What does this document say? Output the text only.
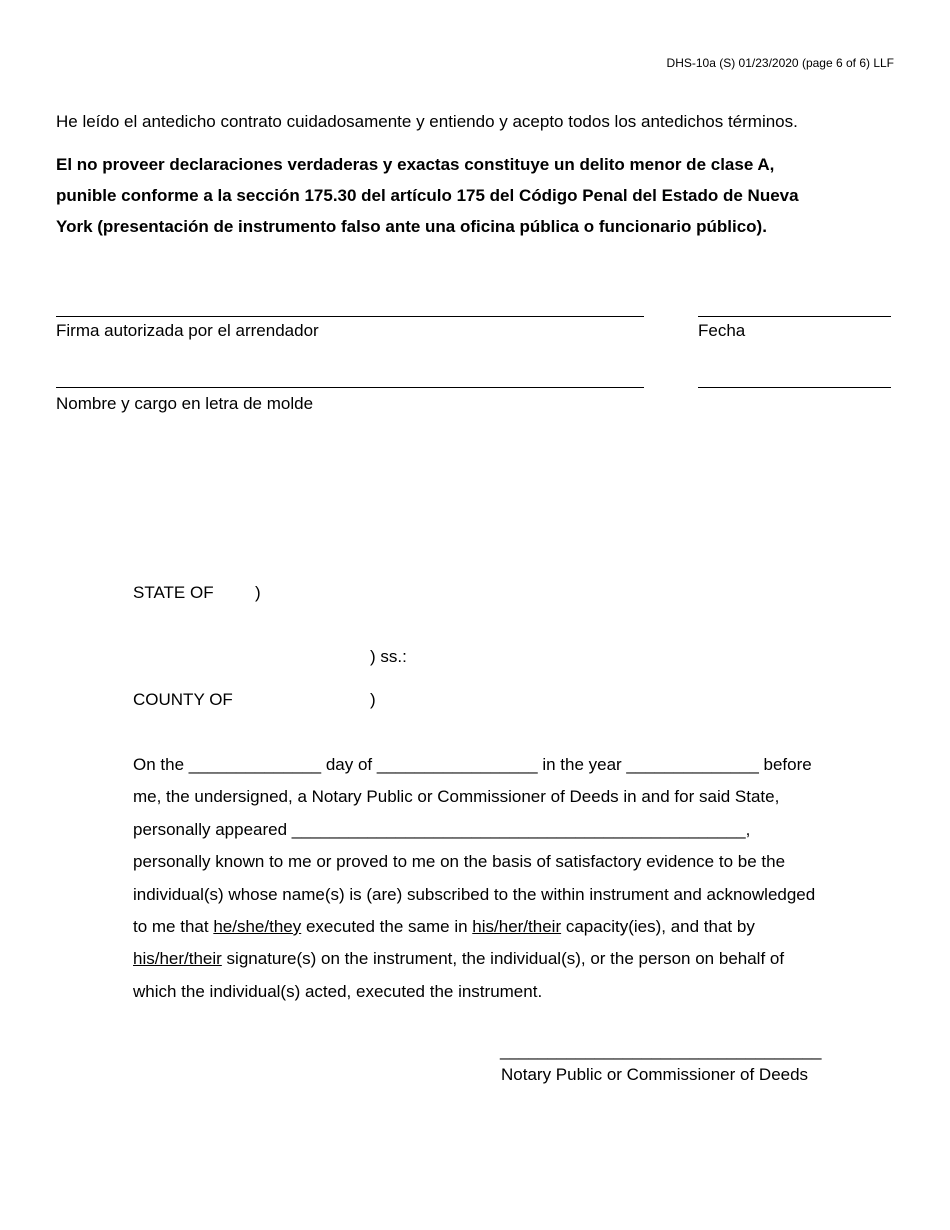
DHS-10a (S) 01/23/2020 (page 6 of 6) LLF
He leído el antedicho contrato cuidadosamente y entiendo y acepto todos los antedichos términos.
El no proveer declaraciones verdaderas y exactas constituye un delito menor de clase A,
punible conforme a la sección 175.30 del artículo 175 del Código Penal del Estado de Nueva
York (presentación de instrumento falso ante una oficina pública o funcionario público).
Firma autorizada por el arrendador	Fecha
Nombre y cargo en letra de molde
STATE OF )
) ss.:
COUNTY OF	)
On the ______________ day of _________________ in the year ______________ before
me, the undersigned, a Notary Public or Commissioner of Deeds in and for said State,
personally appeared ________________________________________________,
personally known to me or proved to me on the basis of satisfactory evidence to be the
individual(s) whose name(s) is (are) subscribed to the within instrument and acknowledged
to me that he/she/they executed the same in his/her/their capacity(ies), and that by
his/her/their signature(s) on the instrument, the individual(s), or the person on behalf of
which the individual(s) acted, executed the instrument.
__________________________________
Notary Public or Commissioner of Deeds
